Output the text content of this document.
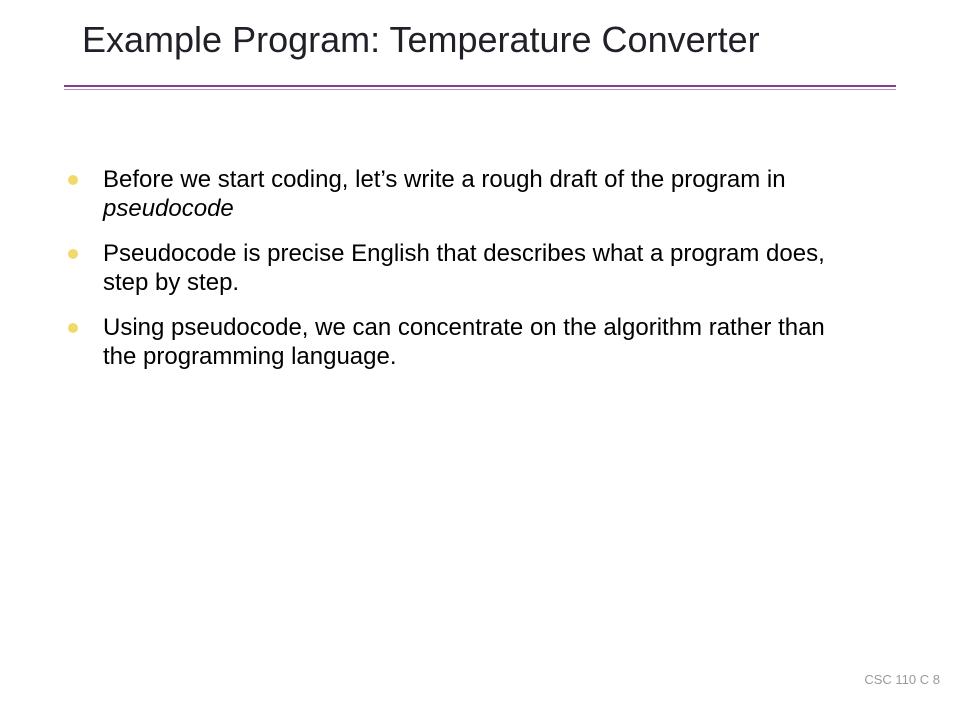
Example Program: Temperature Converter
Before we start coding, let’s write a rough draft of the program in pseudocode
Pseudocode is precise English that describes what a program does, step by step.
Using pseudocode, we can concentrate on the algorithm rather than the programming language.
CSC 110 C 8
